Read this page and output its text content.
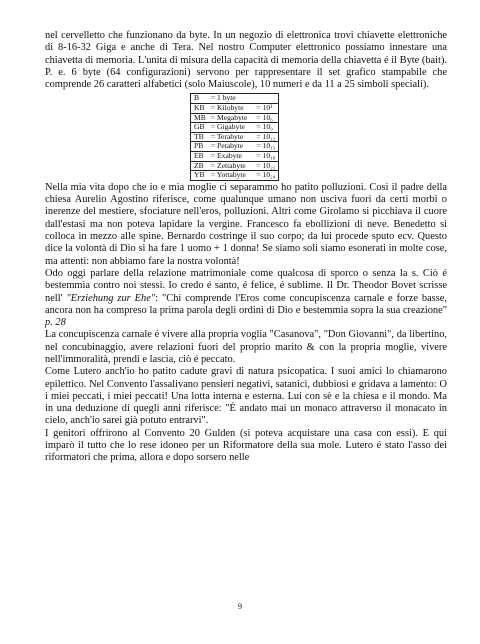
nel cervelletto che funzionano da byte. In un negozio di elettronica trovi chiavette elettroniche di 8-16-32 Giga e anche di Tera. Nel nostro Computer elettronico possiamo innestare una chiavetta di memoria. L'unita di misura della capacità di memoria della chiavetta é il Byte (bait). P. e. 6 byte (64 configurazioni) servono per rappresentare il set grafico stampabile che comprende 26 caratteri alfabetici (solo Maiuscole), 10 numeri e da 11 a 25 simboli speciali).

B	= 1 byte	
KB	= Kilobyte	= 10³
MB	= Megabyte	= 10₆
GB	= Gigabyte	= 10₉
TB	= Terabyte	= 10₁₂
PB	= Petabyte	= 10₁₅
EB	= Exabyte	= 10₁₈
ZB	= Zettabyte	= 10₂₁
YB	= Yottabyte	= 10₂₄

Nella mia vita dopo che io e mia moglie ci separammo ho patito polluzioni. Così il padre della chiesa Aurelio Agostino riferisce, come qualunque umano non usciva fuori da certi morbi o inerenze del mestiere, sfociature nell'eros, polluzioni. Altri come Girolamo si picchiava il cuore dall'estasi ma non poteva lapidare la vergine. Francesco fa ebollizioni di neve. Benedetto si colloca in mezzo alle spine. Bernardo costringe il suo corpo; da lui procede sputo ecv. Questo dice la volontà di Dio si ha fare 1 uomo + 1 donna! Se siamo soli siamo esonerati in molte cose, ma attenti: non abbiamo fare la nostra volontà!

Odo oggi parlare della relazione matrimoniale come qualcosa di sporco o senza la s. Ciò é bestemmia contro noi stessi. Io credo é santo, é felice, é sublime. Il Dr. Theodor Bovet scrisse nell' "Erziehung zur Ehe": "Chi comprende l'Eros come concupiscenza carnale e forze basse, ancora non ha compreso la prima parola degli ordini di Dio e bestemmia sopra la sua creazione" p. 28

La concupiscenza carnale é vivere alla propria voglia "Casanova", "Don Giovanni", da libertino, nel concubinaggio, avere relazioni fuori del proprio marito & con la propria moglie, vivere nell'immoralità, prendi e lascia, ciò é peccato.

Come Lutero anch'io ho patito cadute gravi di natura psicopatica. I suoi amici lo chiamarono epilettico. Nel Convento l'assalivano pensieri negativi, satanici, dubbiosi e gridava a lamento: O i miei peccati, i miei peccati! Una lotta interna e esterna. Lui con sè e la chiesa e il mondo. Ma in una deduzione di quegli anni riferisce: "É andato mai un monaco attraverso il monacato in cielo, anch'io sarei già potuto entrarvi".

I genitori offrirono al Convento 20 Gulden (si poteva acquistare una casa con essi). E qui imparò il tutto che lo rese idoneo per un Riformatore della sua mole. Lutero é stato l'asso dei riformatori che prima, allora e dopo sorsero nelle

9
